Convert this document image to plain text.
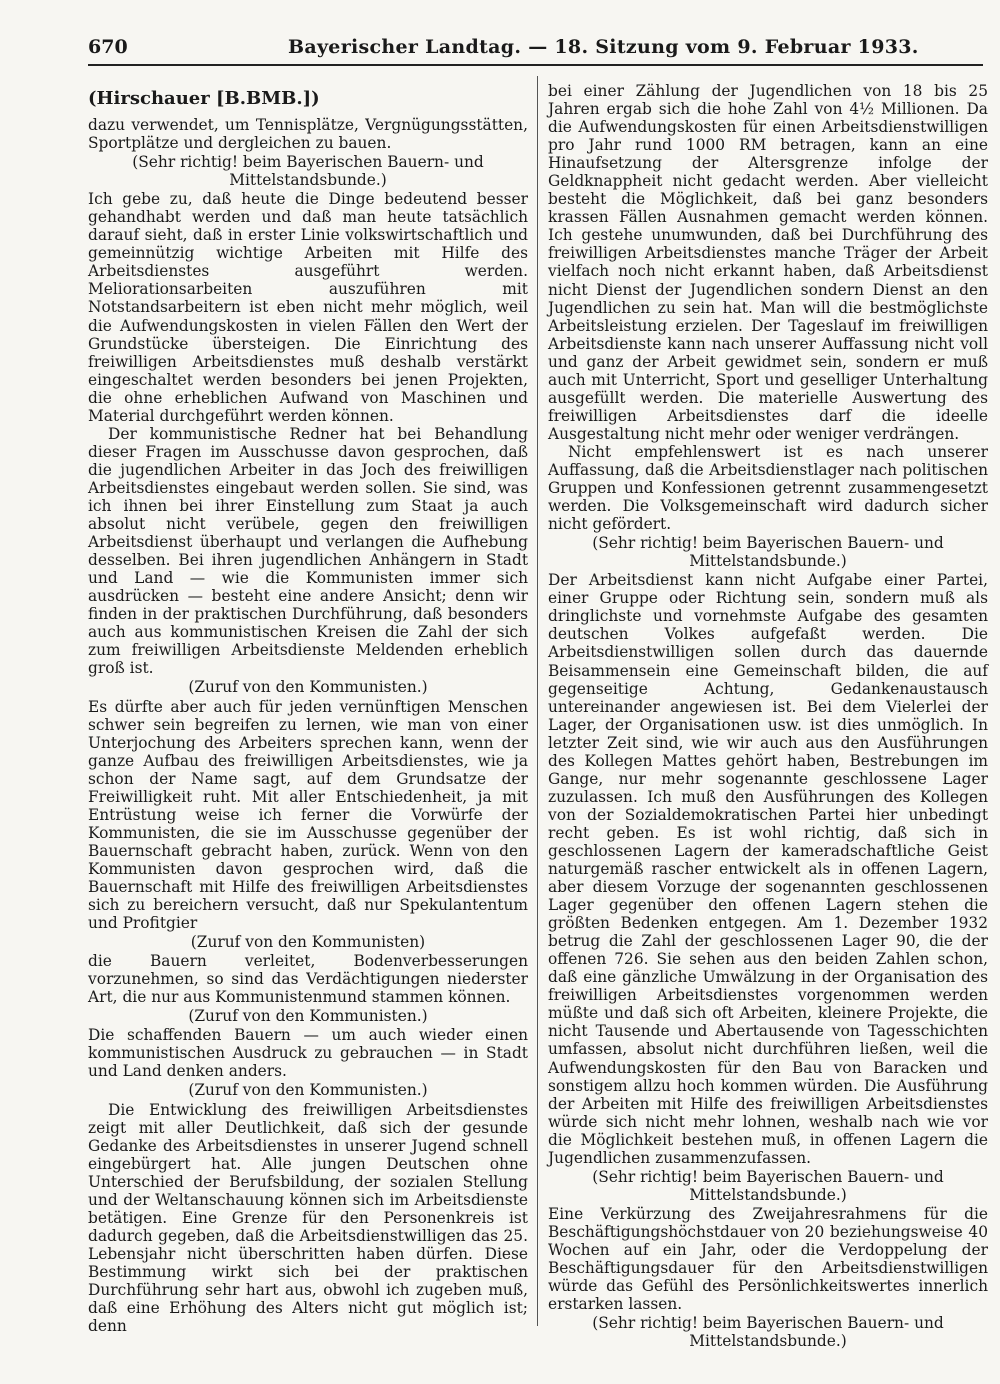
670	Bayerischer Landtag. — 18. Sitzung vom 9. Februar 1933.
(Hirschauer [B.BMB.])

dazu verwendet, um Tennisplätze, Vergnügungsstätten, Sportplätze und dergleichen zu bauen.

(Sehr richtig! beim Bayerischen Bauern- und Mittelstandsbunde.)

Ich gebe zu, daß heute die Dinge bedeutend besser gehandhabt werden und daß man heute tatsächlich darauf sieht, daß in erster Linie volkswirtschaftlich und gemeinnützig wichtige Arbeiten mit Hilfe des Arbeitsdienstes ausgeführt werden. Meliorationsarbeiten auszuführen mit Notstandsarbeitern ist eben nicht mehr möglich, weil die Aufwendungskosten in vielen Fällen den Wert der Grundstücke übersteigen. Die Einrichtung des freiwilligen Arbeitsdienstes muß deshalb verstärkt eingeschaltet werden besonders bei jenen Projekten, die ohne erheblichen Aufwand von Maschinen und Material durchgeführt werden können.

Der kommunistische Redner hat bei Behandlung dieser Fragen im Ausschusse davon gesprochen, daß die jugendlichen Arbeiter in das Joch des freiwilligen Arbeitsdienstes eingebaut werden sollen. Sie sind, was ich ihnen bei ihrer Einstellung zum Staat ja auch absolut nicht verübele, gegen den freiwilligen Arbeitsdienst überhaupt und verlangen die Aufhebung desselben. Bei ihren jugendlichen Anhängern in Stadt und Land — wie die Kommunisten immer sich ausdrücken — besteht eine andere Ansicht; denn wir finden in der praktischen Durchführung, daß besonders auch aus kommunistischen Kreisen die Zahl der sich zum freiwilligen Arbeitsdienste Meldenden erheblich groß ist.

(Zuruf von den Kommunisten.)

Es dürfte aber auch für jeden vernünftigen Menschen schwer sein begreifen zu lernen, wie man von einer Unterjochung des Arbeiters sprechen kann, wenn der ganze Aufbau des freiwilligen Arbeitsdienstes, wie ja schon der Name sagt, auf dem Grundsatze der Freiwilligkeit ruht. Mit aller Entschiedenheit, ja mit Entrüstung weise ich ferner die Vorwürfe der Kommunisten, die sie im Ausschusse gegenüber der Bauernschaft gebracht haben, zurück. Wenn von den Kommunisten davon gesprochen wird, daß die Bauernschaft mit Hilfe des freiwilligen Arbeitsdienstes sich zu bereichern versucht, daß nur Spekulantentum und Profitgier

(Zuruf von den Kommunisten)

die Bauern verleitet, Bodenverbesserungen vorzunehmen, so sind das Verdächtigungen niederster Art, die nur aus Kommunistenmund stammen können.

(Zuruf von den Kommunisten.)

Die schaffenden Bauern — um auch wieder einen kommunistischen Ausdruck zu gebrauchen — in Stadt und Land denken anders.

(Zuruf von den Kommunisten.)

Die Entwicklung des freiwilligen Arbeitsdienstes zeigt mit aller Deutlichkeit, daß sich der gesunde Gedanke des Arbeitsdienstes in unserer Jugend schnell eingebürgert hat. Alle jungen Deutschen ohne Unterschied der Berufsbildung, der sozialen Stellung und der Weltanschauung können sich im Arbeitsdienste betätigen. Eine Grenze für den Personenkreis ist dadurch gegeben, daß die Arbeitsdienstwilligen das 25. Lebensjahr nicht überschritten haben dürfen. Diese Bestimmung wirkt sich bei der praktischen Durchführung sehr hart aus, obwohl ich zugeben muß, daß eine Erhöhung des Alters nicht gut möglich ist; denn

bei einer Zählung der Jugendlichen von 18 bis 25 Jahren ergab sich die hohe Zahl von 4½ Millionen. Da die Aufwendungskosten für einen Arbeitsdienstwilligen pro Jahr rund 1000 RM betragen, kann an eine Hinaufsetzung der Altersgrenze infolge der Geldknappheit nicht gedacht werden. Aber vielleicht besteht die Möglichkeit, daß bei ganz besonders krassen Fällen Ausnahmen gemacht werden können. Ich gestehe unumwunden, daß bei Durchführung des freiwilligen Arbeitsdienstes manche Träger der Arbeit vielfach noch nicht erkannt haben, daß Arbeitsdienst nicht Dienst der Jugendlichen sondern Dienst an den Jugendlichen zu sein hat. Man will die bestmöglichste Arbeitsleistung erzielen. Der Tageslauf im freiwilligen Arbeitsdienste kann nach unserer Auffassung nicht voll und ganz der Arbeit gewidmet sein, sondern er muß auch mit Unterricht, Sport und geselliger Unterhaltung ausgefüllt werden. Die materielle Auswertung des freiwilligen Arbeitsdienstes darf die ideelle Ausgestaltung nicht mehr oder weniger verdrängen.

Nicht empfehlenswert ist es nach unserer Auffassung, daß die Arbeitsdienstlager nach politischen Gruppen und Konfessionen getrennt zusammengesetzt werden. Die Volksgemeinschaft wird dadurch sicher nicht gefördert.

(Sehr richtig! beim Bayerischen Bauern- und Mittelstandsbunde.)

Der Arbeitsdienst kann nicht Aufgabe einer Partei, einer Gruppe oder Richtung sein, sondern muß als dringlichste und vornehmste Aufgabe des gesamten deutschen Volkes aufgefaßt werden. Die Arbeitsdienstwilligen sollen durch das dauernde Beisammensein eine Gemeinschaft bilden, die auf gegenseitige Achtung, Gedankenaustausch untereinander angewiesen ist. Bei dem Vielerlei der Lager, der Organisationen usw. ist dies unmöglich. In letzter Zeit sind, wie wir auch aus den Ausführungen des Kollegen Mattes gehört haben, Bestrebungen im Gange, nur mehr sogenannte geschlossene Lager zuzulassen. Ich muß den Ausführungen des Kollegen von der Sozialdemokratischen Partei hier unbedingt recht geben. Es ist wohl richtig, daß sich in geschlossenen Lagern der kameradschaftliche Geist naturgemäß rascher entwickelt als in offenen Lagern, aber diesem Vorzuge der sogenannten geschlossenen Lager gegenüber den offenen Lagern stehen die größten Bedenken entgegen. Am 1. Dezember 1932 betrug die Zahl der geschlossenen Lager 90, die der offenen 726. Sie sehen aus den beiden Zahlen schon, daß eine gänzliche Umwälzung in der Organisation des freiwilligen Arbeitsdienstes vorgenommen werden müßte und daß sich oft Arbeiten, kleinere Projekte, die nicht Tausende und Abertausende von Tagesschichten umfassen, absolut nicht durchführen ließen, weil die Aufwendungskosten für den Bau von Baracken und sonstigem allzu hoch kommen würden. Die Ausführung der Arbeiten mit Hilfe des freiwilligen Arbeitsdienstes würde sich nicht mehr lohnen, weshalb nach wie vor die Möglichkeit bestehen muß, in offenen Lagern die Jugendlichen zusammenzufassen.

(Sehr richtig! beim Bayerischen Bauern- und Mittelstandsbunde.)

Eine Verkürzung des Zweijahresrahmens für die Beschäftigungshöchstdauer von 20 beziehungsweise 40 Wochen auf ein Jahr, oder die Verdoppelung der Beschäftigungsdauer für den Arbeitsdienstwilligen würde das Gefühl des Persönlichkeitswertes innerlich erstarken lassen.

(Sehr richtig! beim Bayerischen Bauern- und Mittelstandsbunde.)
